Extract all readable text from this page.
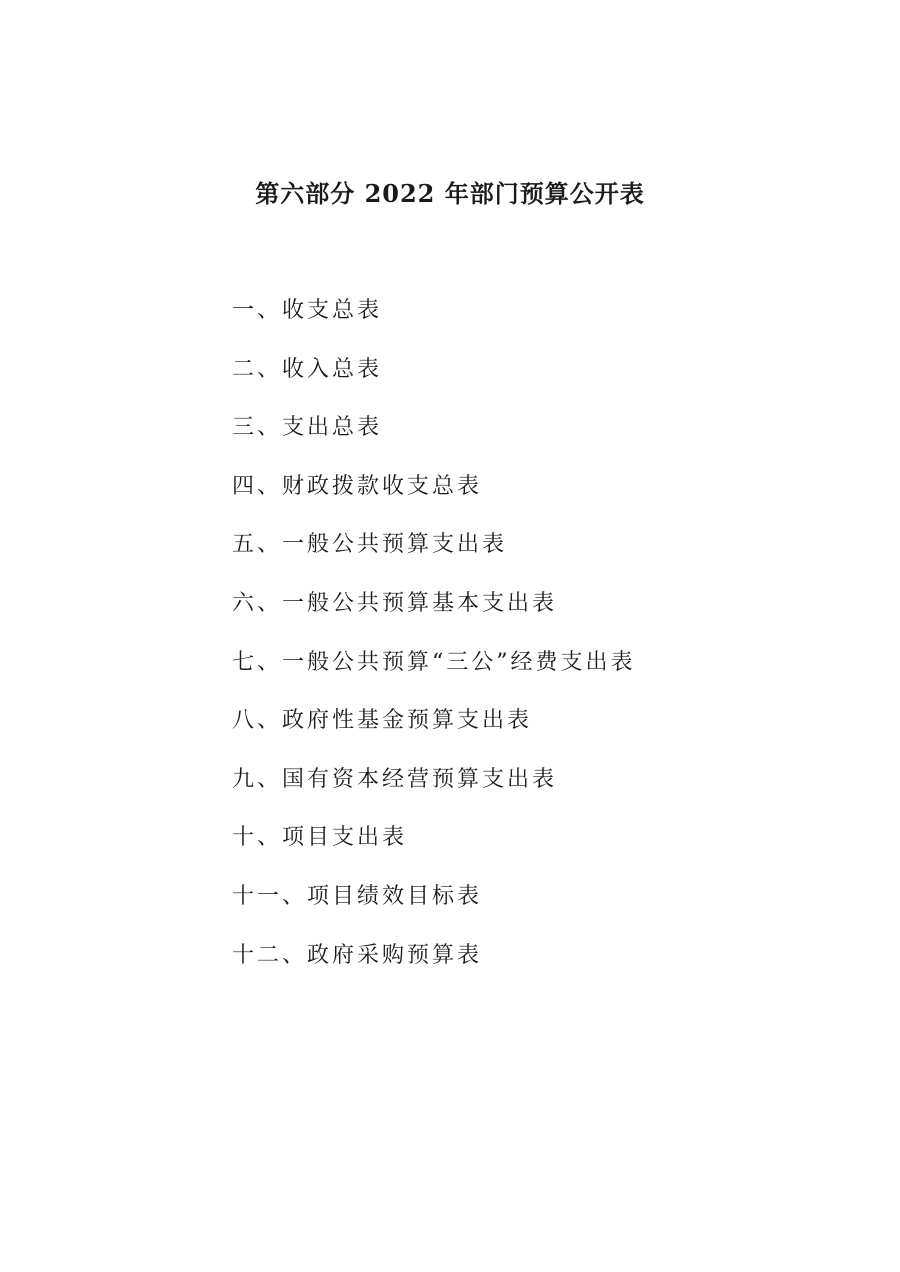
第六部分 2022 年部门预算公开表
一、收支总表
二、收入总表
三、支出总表
四、财政拨款收支总表
五、一般公共预算支出表
六、一般公共预算基本支出表
七、一般公共预算“三公”经费支出表
八、政府性基金预算支出表
九、国有资本经营预算支出表
十、项目支出表
十一、项目绩效目标表
十二、政府采购预算表
